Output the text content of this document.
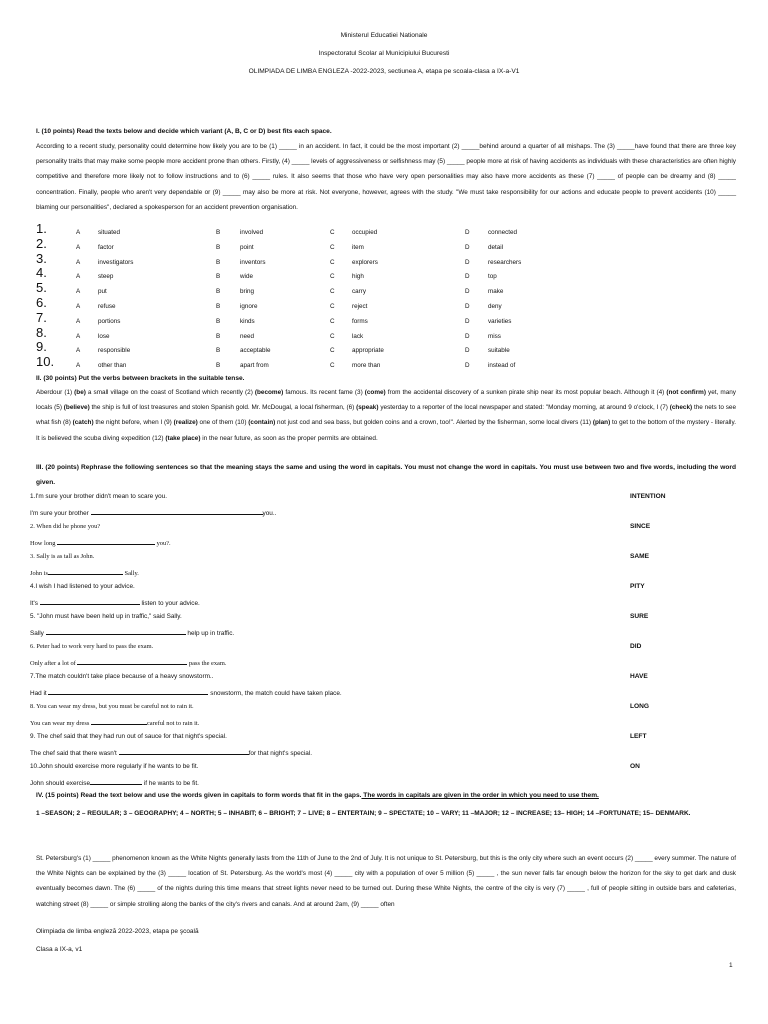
Ministerul Educatiei Nationale
Inspectoratul Scolar al Municipiului Bucuresti
OLIMPIADA DE LIMBA ENGLEZA -2022-2023, sectiunea A, etapa pe scoala-clasa a IX-a-V1
I. (10 points) Read the texts below and decide which variant (A, B, C or D) best fits each space.
According to a recent study, personality could determine how likely you are to be (1) _____ in an accident. In fact, it could be the most important (2) _____behind around a quarter of all mishaps. The (3) _____have found that there are three key personality traits that may make some people more accident prone than others. Firstly, (4) _____ levels of aggressiveness or selfishness may (5) _____ people more at risk of having accidents as individuals with these characteristics are often highly competitive and therefore more likely not to follow instructions and to (6) _____ rules. It also seems that those who have very open personalities may also have more accidents as these (7) _____ of people can be dreamy and (8) _____ concentration. Finally, people who aren't very dependable or (9) _____ may also be more at risk. Not everyone, however, agrees with the study. "We must take responsibility for our actions and educate people to prevent accidents (10) _____ blaming our personalities", declared a spokesperson for an accident prevention organisation.
1.	A	situated	B	involved	C	occupied	D	connected
2.	A	factor	B	point	C	item	D	detail
3.	A	investigators	B	inventors	C	explorers	D	researchers
4.	A	steep	B	wide	C	high	D	top
5.	A	put	B	bring	C	carry	D	make
6.	A	refuse	B	ignore	C	reject	D	deny
7.	A	portions	B	kinds	C	forms	D	varieties
8.	A	lose	B	need	C	lack	D	miss
9.	A	responsible	B	acceptable	C	appropriate	D	suitable
10.	A	other than	B	apart from	C	more than	D	instead of
II. (30 points) Put the verbs between brackets in the suitable tense.
Aberdour (1) (be) a small village on the coast of Scotland which recently (2) (become) famous. Its recent fame (3) (come) from the accidental discovery of a sunken pirate ship near its most popular beach. Although it (4) (not confirm) yet, many locals (5) (believe) the ship is full of lost treasures and stolen Spanish gold. Mr. McDougal, a local fisherman, (6) (speak) yesterday to a reporter of the local newspaper and stated: "Monday morning, at around 9 o'clock, I (7) (check) the nets to see what fish (8) (catch) the night before, when I (9) (realize) one of them (10) (contain) not just cod and sea bass, but golden coins and a crown, too!". Alerted by the fisherman, some local divers (11) (plan) to get to the bottom of the mystery - literally. It is believed the scuba diving expedition (12) (take place) in the near future, as soon as the proper permits are obtained.
III. (20 points) Rephrase the following sentences so that the meaning stays the same and using the word in capitals. You must not change the word in capitals. You must use between two and five words, including the word given.
1.I'm sure your brother didn't mean to scare you.	INTENTION
I'm sure your brother	you..
2. When did he phone you?	SINCE
How long	you?.
3. Sally is as tall as John.	SAME
John is	Sally.
4.I wish I had listened to your advice.	PITY
It's	listen to your advice.
5. "John must have been held up in traffic," said Sally.	SURE
Sally	help up in traffic.
6. Peter had to work very hard to pass the exam.	DID
Only after a lot of	pass the exam.
7.The match couldn't take place because of a heavy snowstorm..	HAVE
Had it	snowstorm, the match could have taken place.
8. You can wear my dress, but you must be careful not to rain it.	LONG
You can wear my dress	careful not to rain it.
9. The chef said that they had run out of sauce for that night's special.	LEFT
The chef said that there wasn't	for that night's special.
10.John should exercise more regularly if he wants to be fit.	ON
John should exercise	if he wants to be fit.
IV. (15 points) Read the text below and use the words given in capitals to form words that fit in the gaps. The words in capitals are given in the order in which you need to use them.
1 –SEASON; 2 – REGULAR; 3 – GEOGRAPHY; 4 – NORTH; 5 – INHABIT; 6 – BRIGHT; 7 – LIVE; 8 – ENTERTAIN; 9 – SPECTATE; 10 – VARY; 11 –MAJOR; 12 – INCREASE; 13– HIGH; 14 –FORTUNATE; 15– DENMARK.
St. Petersburg's (1) _____ phenomenon known as the White Nights generally lasts from the 11th of June to the 2nd of July. It is not unique to St. Petersburg, but this is the only city where such an event occurs (2) _____ every summer. The nature of the White Nights can be explained by the (3) _____ location of St. Petersburg. As the world's most (4) _____ city with a population of over 5 million (5) _____ , the sun never falls far enough below the horizon for the sky to get dark and dusk eventually becomes dawn. The (6) _____ of the nights during this time means that street lights never need to be turned out. During these White Nights, the centre of the city is very (7) _____ , full of people sitting in outside bars and cafeterias, watching street (8) _____ or simple strolling along the banks of the city's rivers and canals. And at around 2am, (9) _____ often
Olimpiada de limba engleză 2022-2023, etapa pe şcoală
Clasa a IX-a, v1
1
